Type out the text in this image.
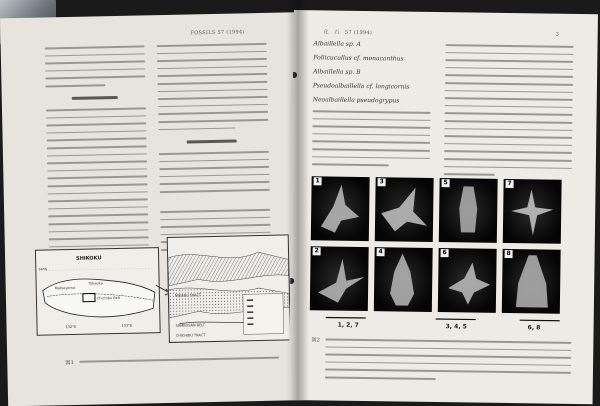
FOSSILS 57 (1994)
SHIKOKU
Chichibu Belt
Takaoka
Matsuyama
34°N
133°E
132°E
MIKABU TRACT
SAMBOSAN BELT
CHICHIBU TRACT
図1
化　石　57 (1994)	3
Albaillella sp. A
Follicucullus cf. monacanthus
Albaillella sp. B
Pseudoalbaillella cf. longicornis
Neoalbaillella pseudogrypus
1	3	5	7
2	4	6	8
1, 2, 7	3, 4, 5	6, 8
図2
